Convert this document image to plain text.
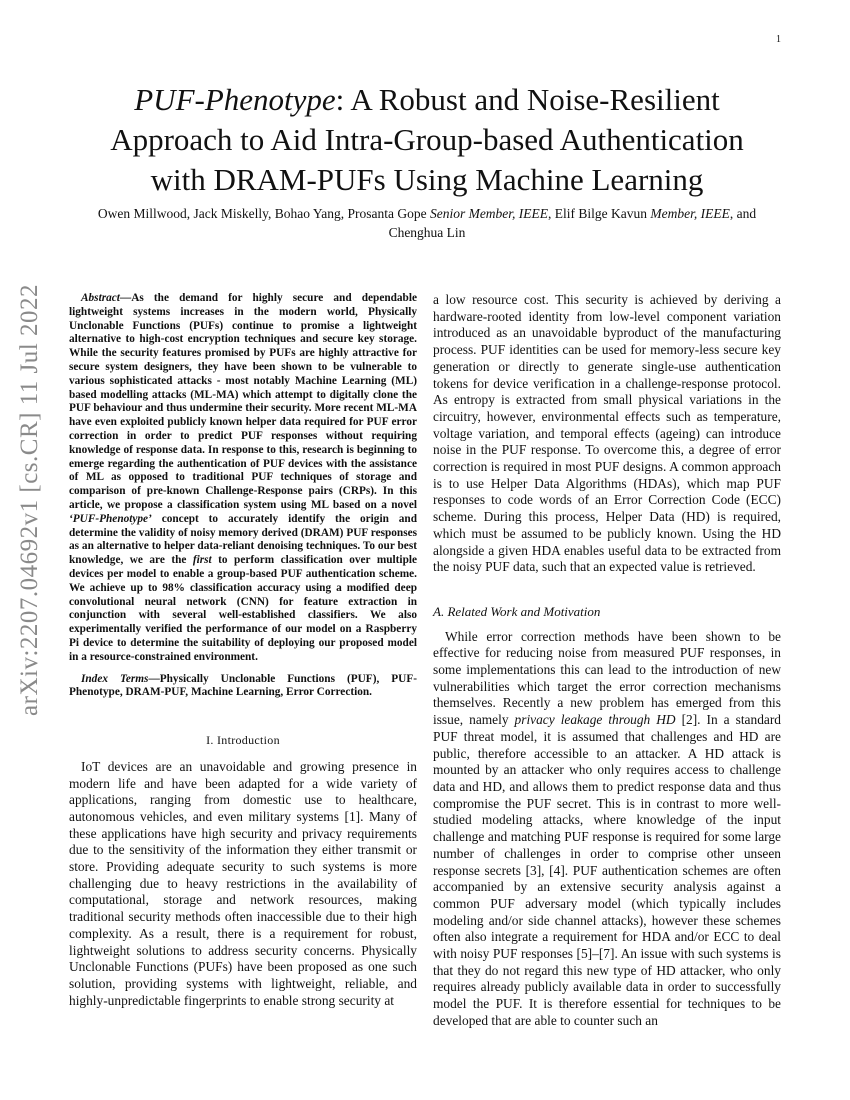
1
arXiv:2207.04692v1 [cs.CR] 11 Jul 2022
PUF-Phenotype: A Robust and Noise-Resilient
Approach to Aid Intra-Group-based Authentication
with DRAM-PUFs Using Machine Learning
Owen Millwood, Jack Miskelly, Bohao Yang, Prosanta Gope Senior Member, IEEE, Elif Bilge Kavun Member, IEEE, and Chenghua Lin

Abstract—As the demand for highly secure and dependable lightweight systems increases in the modern world, Physically Unclonable Functions (PUFs) continue to promise a lightweight alternative to high-cost encryption techniques and secure key storage. While the security features promised by PUFs are highly attractive for secure system designers, they have been shown to be vulnerable to various sophisticated attacks - most notably Machine Learning (ML) based modelling attacks (ML-MA) which attempt to digitally clone the PUF behaviour and thus undermine their security. More recent ML-MA have even exploited publicly known helper data required for PUF error correction in order to predict PUF responses without requiring knowledge of response data. In response to this, research is beginning to emerge regarding the authentication of PUF devices with the assistance of ML as opposed to traditional PUF techniques of storage and comparison of pre-known Challenge-Response pairs (CRPs). In this article, we propose a classification system using ML based on a novel ‘PUF-Phenotype’ concept to accurately identify the origin and determine the validity of noisy memory derived (DRAM) PUF responses as an alternative to helper data-reliant denoising techniques. To our best knowledge, we are the first to perform classification over multiple devices per model to enable a group-based PUF authentication scheme. We achieve up to 98% classification accuracy using a modified deep convolutional neural network (CNN) for feature extraction in conjunction with several well-established classifiers. We also experimentally verified the performance of our model on a Raspberry Pi device to determine the suitability of deploying our proposed model in a resource-constrained environment.

Index Terms—Physically Unclonable Functions (PUF), PUF-Phenotype, DRAM-PUF, Machine Learning, Error Correction.

I. Introduction

IoT devices are an unavoidable and growing presence in modern life and have been adapted for a wide variety of applications, ranging from domestic use to healthcare, autonomous vehicles, and even military systems [1]. Many of these applications have high security and privacy requirements due to the sensitivity of the information they either transmit or store. Providing adequate security to such systems is more challenging due to heavy restrictions in the availability of computational, storage and network resources, making traditional security methods often inaccessible due to their high complexity. As a result, there is a requirement for robust, lightweight solutions to address security concerns. Physically Unclonable Functions (PUFs) have been proposed as one such solution, providing systems with lightweight, reliable, and highly-unpredictable fingerprints to enable strong security at

a low resource cost. This security is achieved by deriving a hardware-rooted identity from low-level component variation introduced as an unavoidable byproduct of the manufacturing process. PUF identities can be used for memory-less secure key generation or directly to generate single-use authentication tokens for device verification in a challenge-response protocol. As entropy is extracted from small physical variations in the circuitry, however, environmental effects such as temperature, voltage variation, and temporal effects (ageing) can introduce noise in the PUF response. To overcome this, a degree of error correction is required in most PUF designs. A common approach is to use Helper Data Algorithms (HDAs), which map PUF responses to code words of an Error Correction Code (ECC) scheme. During this process, Helper Data (HD) is required, which must be assumed to be publicly known. Using the HD alongside a given HDA enables useful data to be extracted from the noisy PUF data, such that an expected value is retrieved.

A. Related Work and Motivation

While error correction methods have been shown to be effective for reducing noise from measured PUF responses, in some implementations this can lead to the introduction of new vulnerabilities which target the error correction mechanisms themselves. Recently a new problem has emerged from this issue, namely privacy leakage through HD [2]. In a standard PUF threat model, it is assumed that challenges and HD are public, therefore accessible to an attacker. A HD attack is mounted by an attacker who only requires access to challenge data and HD, and allows them to predict response data and thus compromise the PUF secret. This is in contrast to more well-studied modeling attacks, where knowledge of the input challenge and matching PUF response is required for some large number of challenges in order to comprise other unseen response secrets [3], [4]. PUF authentication schemes are often accompanied by an extensive security analysis against a common PUF adversary model (which typically includes modeling and/or side channel attacks), however these schemes often also integrate a requirement for HDA and/or ECC to deal with noisy PUF responses [5]–[7]. An issue with such systems is that they do not regard this new type of HD attacker, who only requires already publicly available data in order to successfully model the PUF. It is therefore essential for techniques to be developed that are able to counter such an
